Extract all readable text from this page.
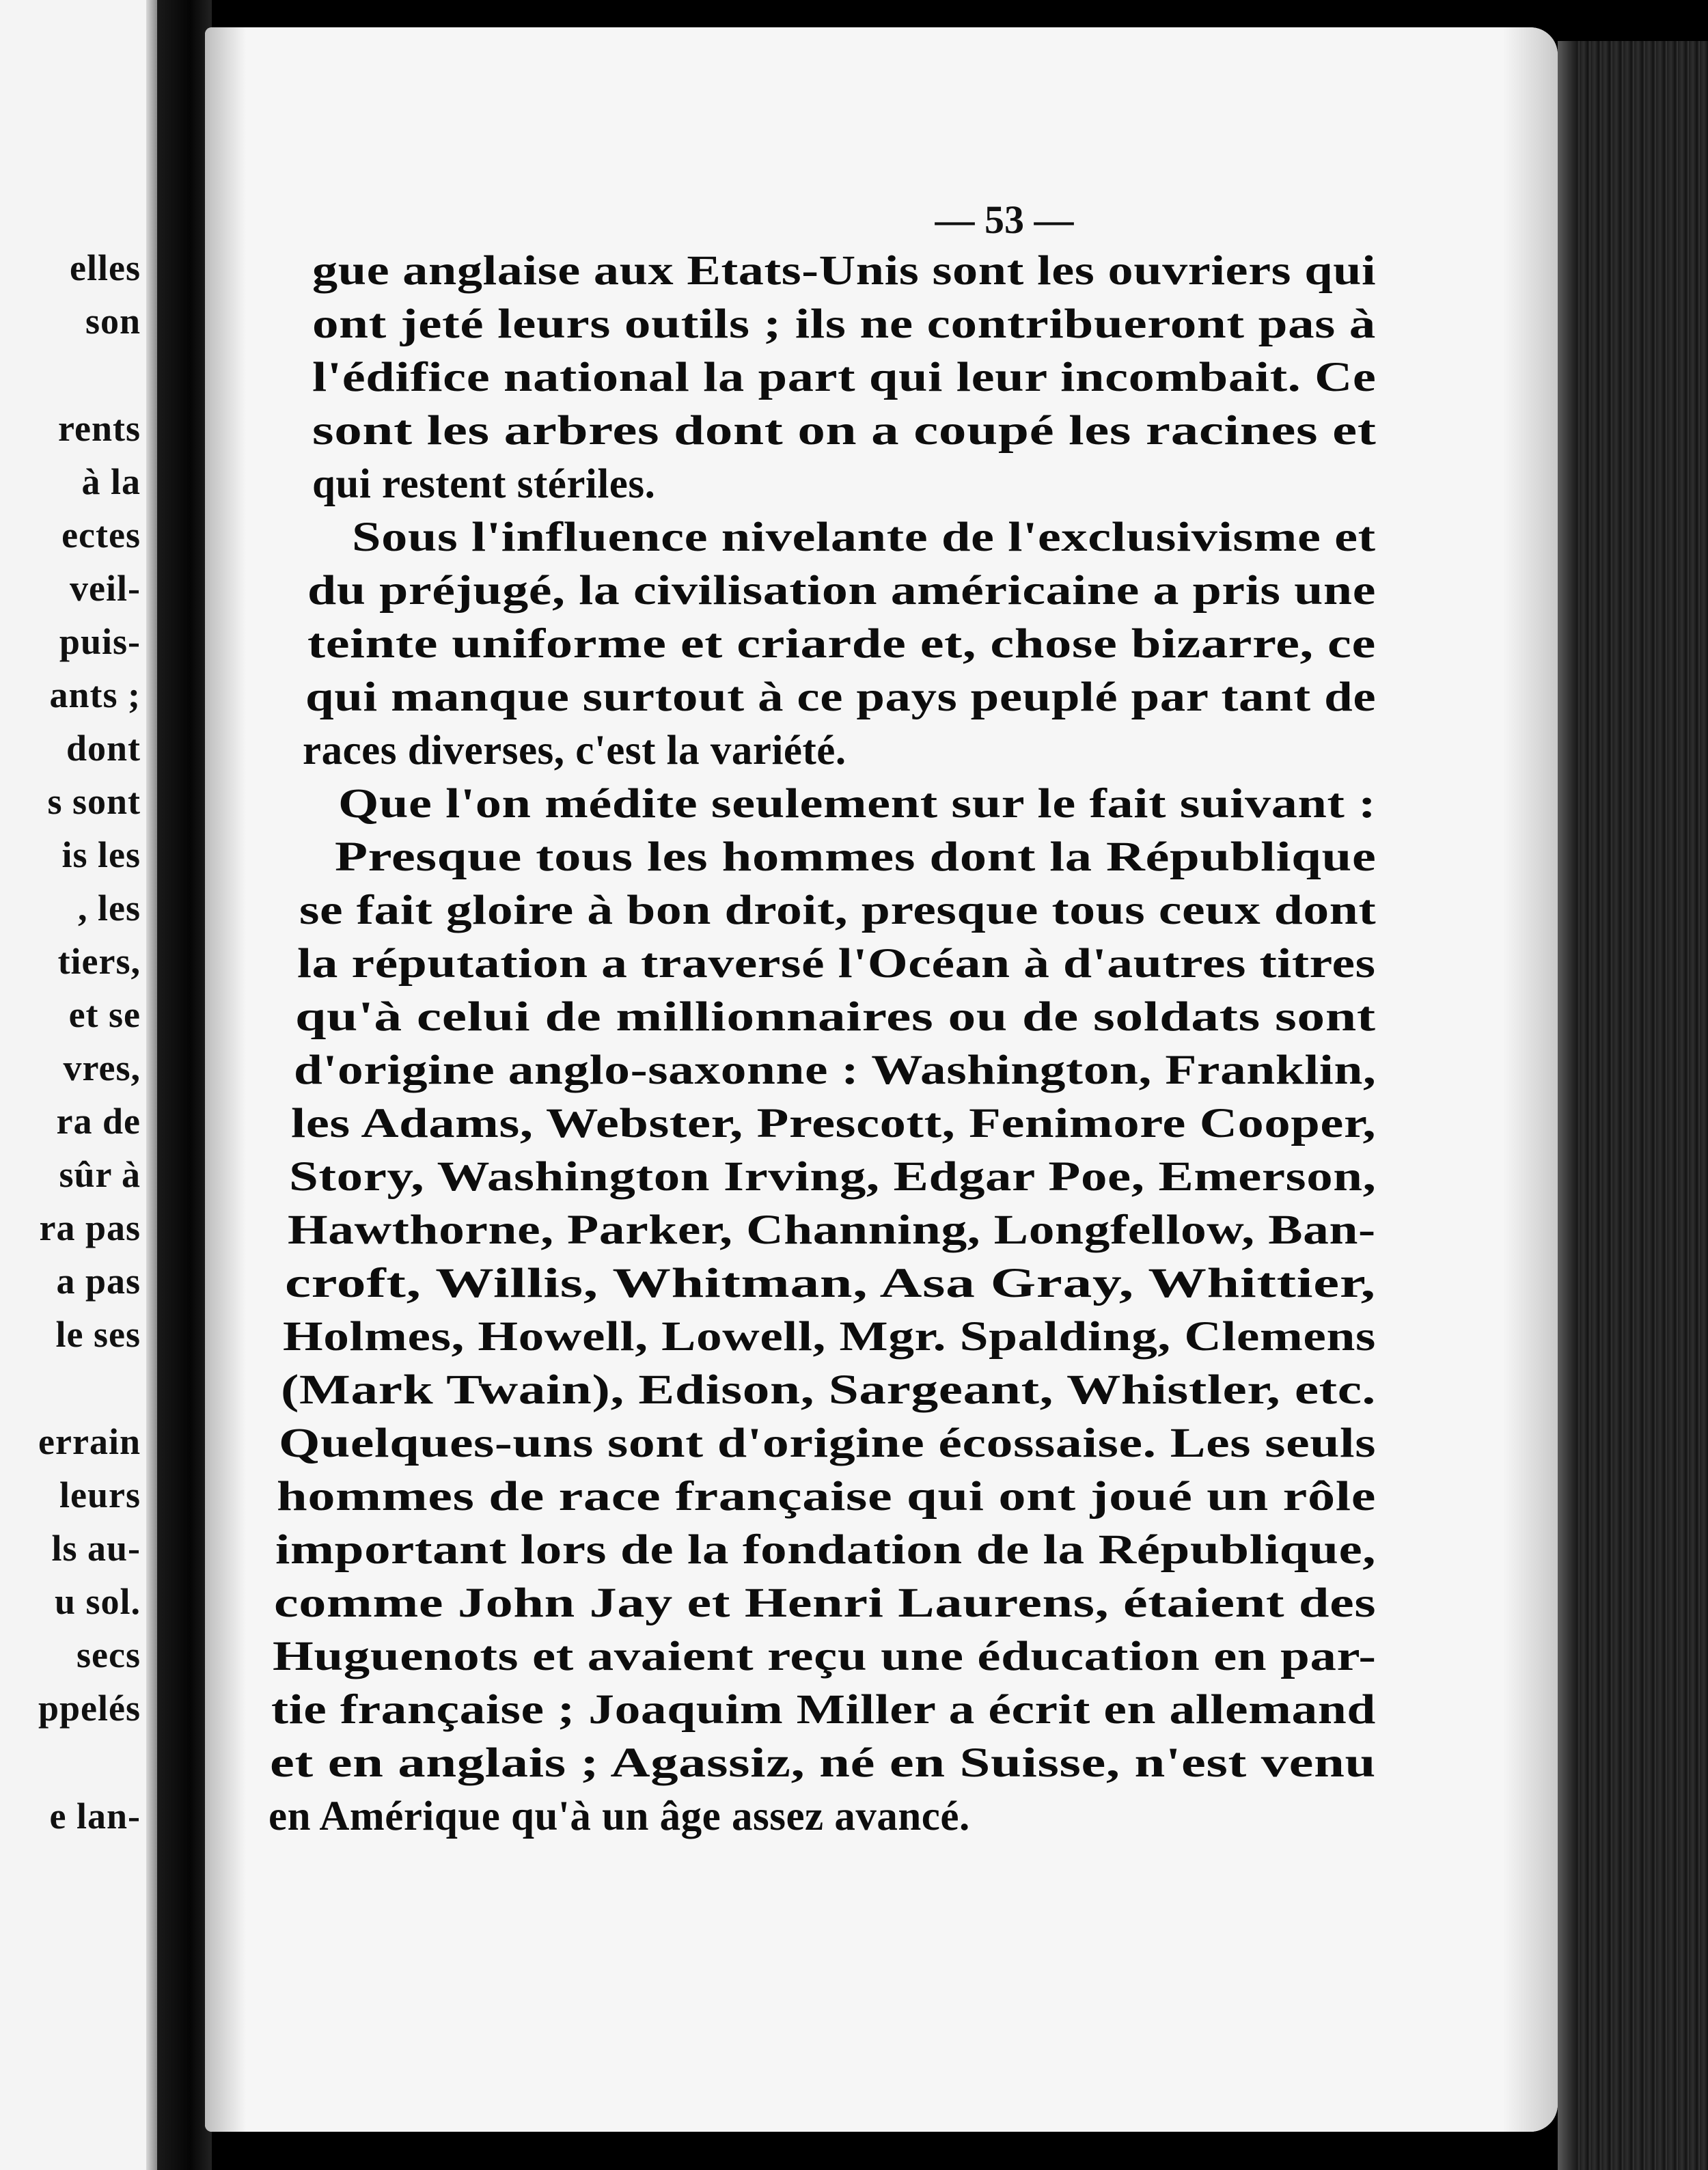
elles
son
rents
à la
ectes
veil-
puis-
ants ;
dont
s sont
is les
, les
tiers,
et se
vres,
ra de
sûr à
ra pas
a pas
le ses
errain
leurs
ls au-
u sol.
secs
ppelés
e lan-
— 53 —
gue anglaise aux Etats-Unis sont les ouvriers qui
ont jeté leurs outils ; ils ne contribueront pas à
l'édifice national la part qui leur incombait. Ce
sont les arbres dont on a coupé les racines et
qui restent stériles.
Sous l'influence nivelante de l'exclusivisme et
du préjugé, la civilisation américaine a pris une
teinte uniforme et criarde et, chose bizarre, ce
qui manque surtout à ce pays peuplé par tant de
races diverses, c'est la variété.
Que l'on médite seulement sur le fait suivant :
Presque tous les hommes dont la République
se fait gloire à bon droit, presque tous ceux dont
la réputation a traversé l'Océan à d'autres titres
qu'à celui de millionnaires ou de soldats sont
d'origine anglo-saxonne : Washington, Franklin,
les Adams, Webster, Prescott, Fenimore Cooper,
Story, Washington Irving, Edgar Poe, Emerson,
Hawthorne, Parker, Channing, Longfellow, Ban-
croft, Willis, Whitman, Asa Gray, Whittier,
Holmes, Howell, Lowell, Mgr. Spalding, Clemens
(Mark Twain), Edison, Sargeant, Whistler, etc.
Quelques-uns sont d'origine écossaise. Les seuls
hommes de race française qui ont joué un rôle
important lors de la fondation de la République,
comme John Jay et Henri Laurens, étaient des
Huguenots et avaient reçu une éducation en par-
tie française ; Joaquim Miller a écrit en allemand
et en anglais ; Agassiz, né en Suisse, n'est venu
en Amérique qu'à un âge assez avancé.
